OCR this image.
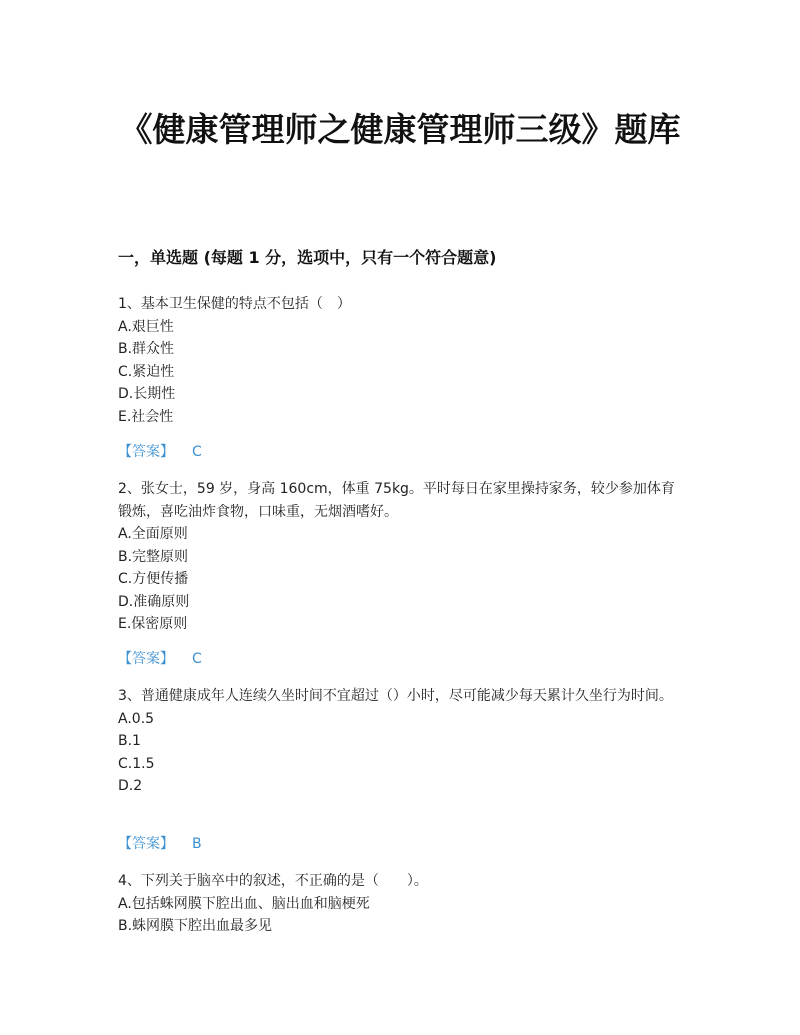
《健康管理师之健康管理师三级》题库
一，单选题 (每题 1 分，选项中，只有一个符合题意)

1、基本卫生保健的特点不包括（　）

A.艰巨性

B.群众性

C.紧迫性

D.长期性

E.社会性

【答案】 C

2、张女士，59 岁，身高 160cm，体重 75kg。平时每日在家里操持家务，较少参加体育锻炼，喜吃油炸食物，口味重，无烟酒嗜好。

A.全面原则

B.完整原则

C.方便传播

D.准确原则

E.保密原则

【答案】 C

3、普通健康成年人连续久坐时间不宜超过（）小时，尽可能减少每天累计久坐行为时间。

A.0.5

B.1

C.1.5

D.2

【答案】 B

4、下列关于脑卒中的叙述，不正确的是（　　）。

A.包括蛛网膜下腔出血、脑出血和脑梗死

B.蛛网膜下腔出血最多见
